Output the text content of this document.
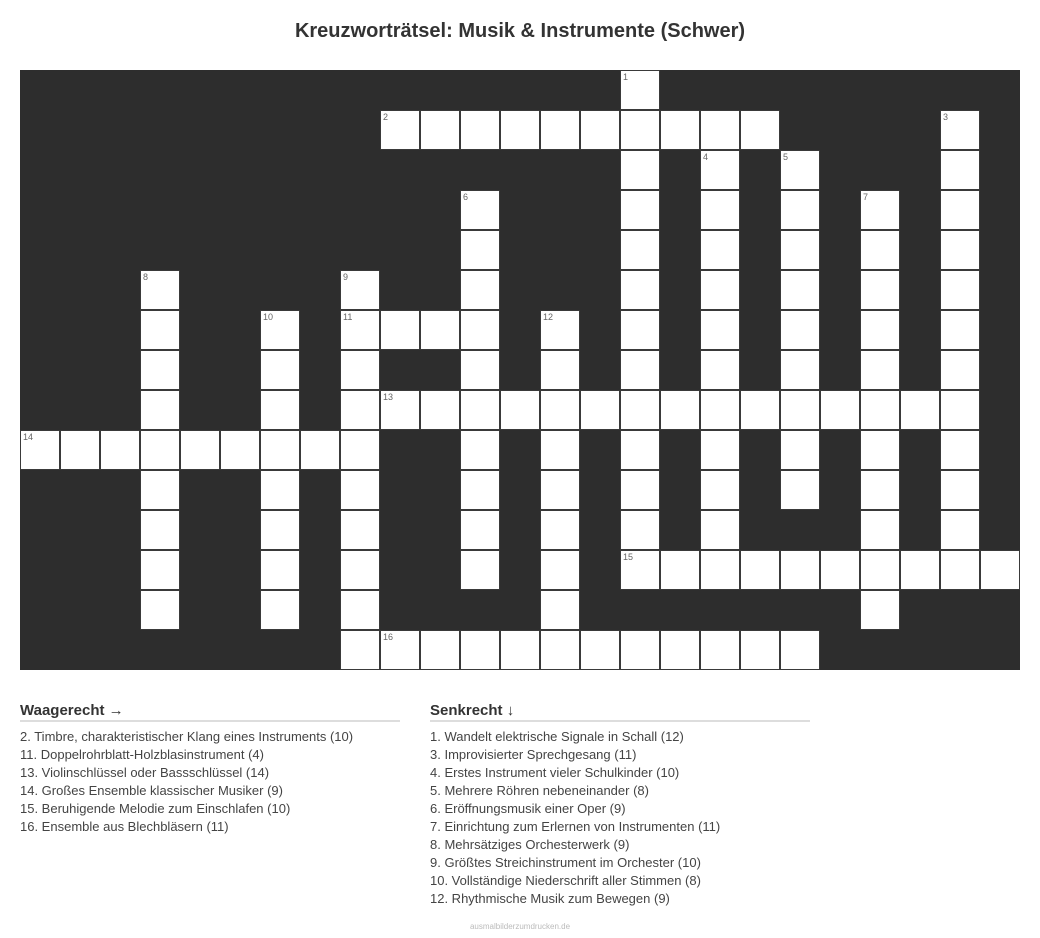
Kreuzworträtsel: Musik & Instrumente (Schwer)
1
2	3
4	5
6	7
8	9
10	11	12
13
14
15
16
Waagerecht →
2. Timbre, charakteristischer Klang eines Instruments (10)
11. Doppelrohrblatt-Holzblasinstrument (4)
13. Violinschlüssel oder Bassschlüssel (14)
14. Großes Ensemble klassischer Musiker (9)
15. Beruhigende Melodie zum Einschlafen (10)
16. Ensemble aus Blechbläsern (11)
Senkrecht ↓
1. Wandelt elektrische Signale in Schall (12)
3. Improvisierter Sprechgesang (11)
4. Erstes Instrument vieler Schulkinder (10)
5. Mehrere Röhren nebeneinander (8)
6. Eröffnungsmusik einer Oper (9)
7. Einrichtung zum Erlernen von Instrumenten (11)
8. Mehrsätziges Orchesterwerk (9)
9. Größtes Streichinstrument im Orchester (10)
10. Vollständige Niederschrift aller Stimmen (8)
12. Rhythmische Musik zum Bewegen (9)
ausmalbilderzumdrucken.de
